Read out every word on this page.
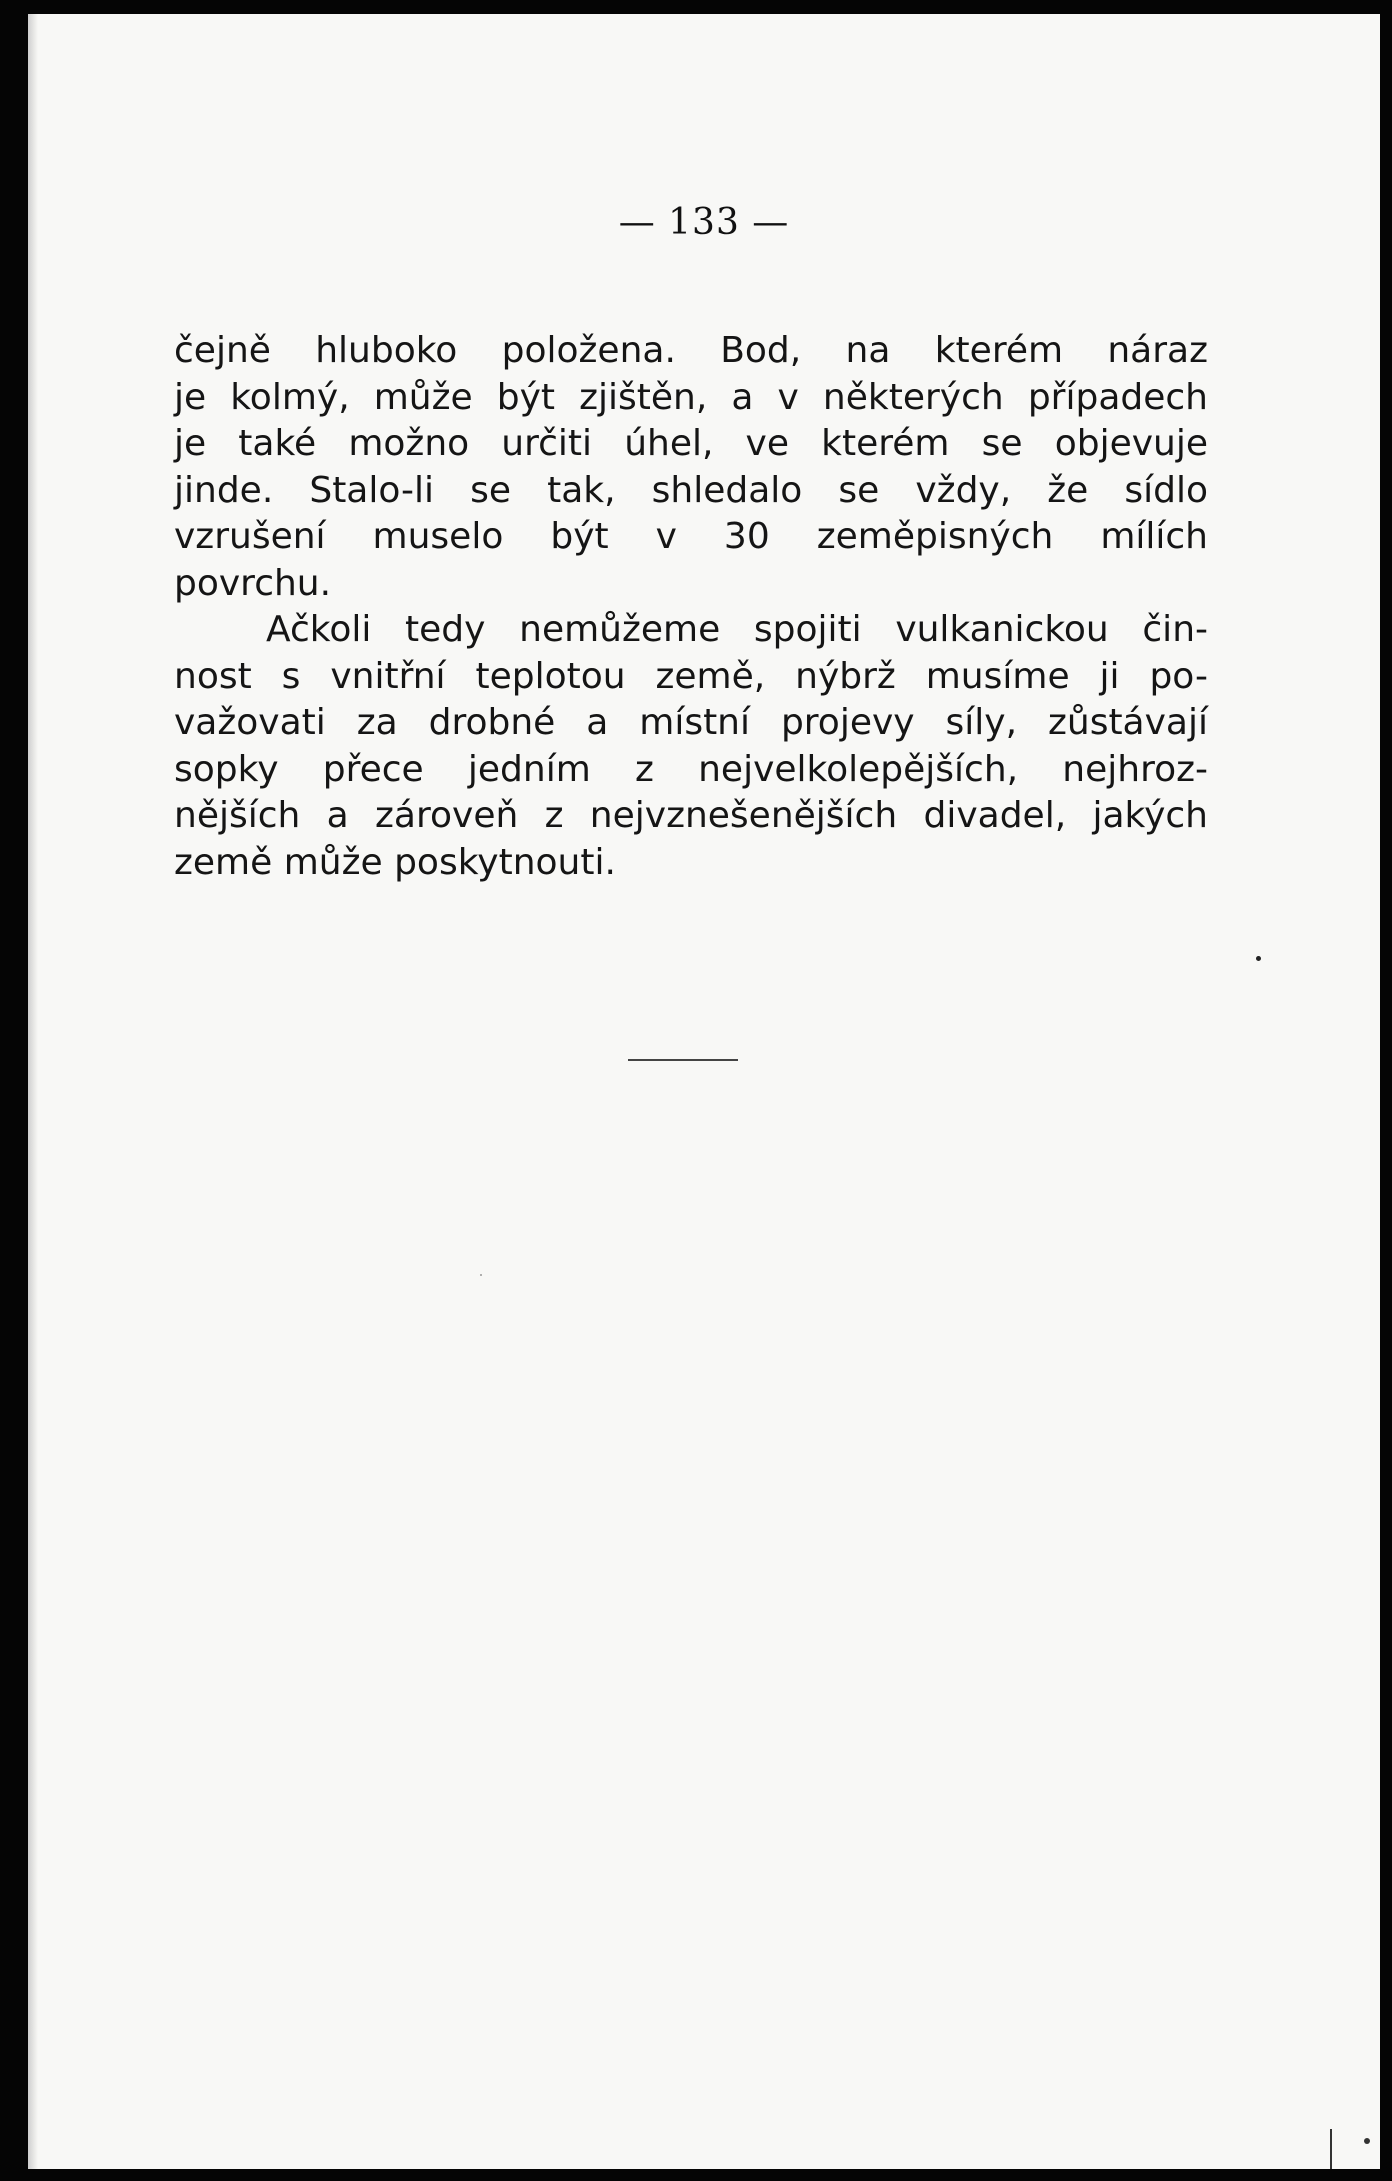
— 133 —
čejně hluboko položena. Bod, na kterém náraz
je kolmý, může být zjištěn, a v některých případech
je také možno určiti úhel, ve kterém se objevuje
jinde. Stalo-li se tak, shledalo se vždy, že sídlo
vzrušení muselo být v 30 zeměpisných mílích
povrchu.
Ačkoli tedy nemůžeme spojiti vulkanickou čin-
nost s vnitřní teplotou země, nýbrž musíme ji po-
važovati za drobné a místní projevy síly, zůstávají
sopky přece jedním z nejvelkolepějších, nejhroz-
nějších a zároveň z nejvznešenějších divadel, jakých
země může poskytnouti.
